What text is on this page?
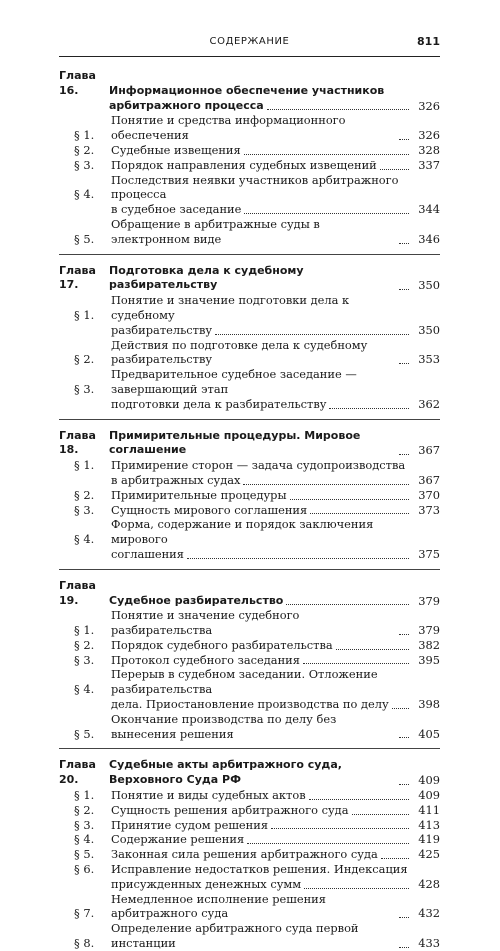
СОДЕРЖАНИЕ	811
Глава 16.	Информационное обеспечение участников
арбитражного процесса	326
§ 1.
Понятие и средства информационного обеспечения	326
§ 2.	Судебные извещения	328
§ 3.	Порядок направления судебных извещений	337
§ 4.
Последствия неявки участников арбитражного процесса
в судебное заседание	344
§ 5.
Обращение в арбитражные суды в электронном виде	346
Глава 17.
Подготовка дела к судебному разбирательству	350
§ 1.
Понятие и значение подготовки дела к судебному
разбирательству	350
§ 2.
Действия по подготовке дела к судебному разбирательству	353
§ 3.
Предварительное судебное заседание — завершающий этап
подготовки дела к разбирательству	362
Глава 18.
Примирительные процедуры. Мировое соглашение	367
§ 1.	Примирение сторон — задача судопроизводства
в арбитражных судах	367
§ 2.	Примирительные процедуры	370
§ 3.	Сущность мирового соглашения	373
§ 4.
Форма, содержание и порядок заключения мирового
соглашения	375
Глава 19.	Судебное разбирательство	379
§ 1.
Понятие и значение судебного разбирательства	379
§ 2.	Порядок судебного разбирательства	382
§ 3.	Протокол судебного заседания	395
§ 4.
Перерыв в судебном заседании. Отложение разбирательства
дела. Приостановление производства по делу	398
§ 5.
Окончание производства по делу без вынесения решения	405
Глава 20.
Судебные акты арбитражного суда, Верховного Суда РФ	409
§ 1.	Понятие и виды судебных актов	409
§ 2.	Сущность решения арбитражного суда	411
§ 3.	Принятие судом решения	413
§ 4.	Содержание решения	419
§ 5.	Законная сила решения арбитражного суда	425
§ 6.	Исправление недостатков решения. Индексация
присужденных денежных сумм	428
§ 7.
Немедленное исполнение решения арбитражного суда	432
§ 8.
Определение арбитражного суда первой инстанции	433
